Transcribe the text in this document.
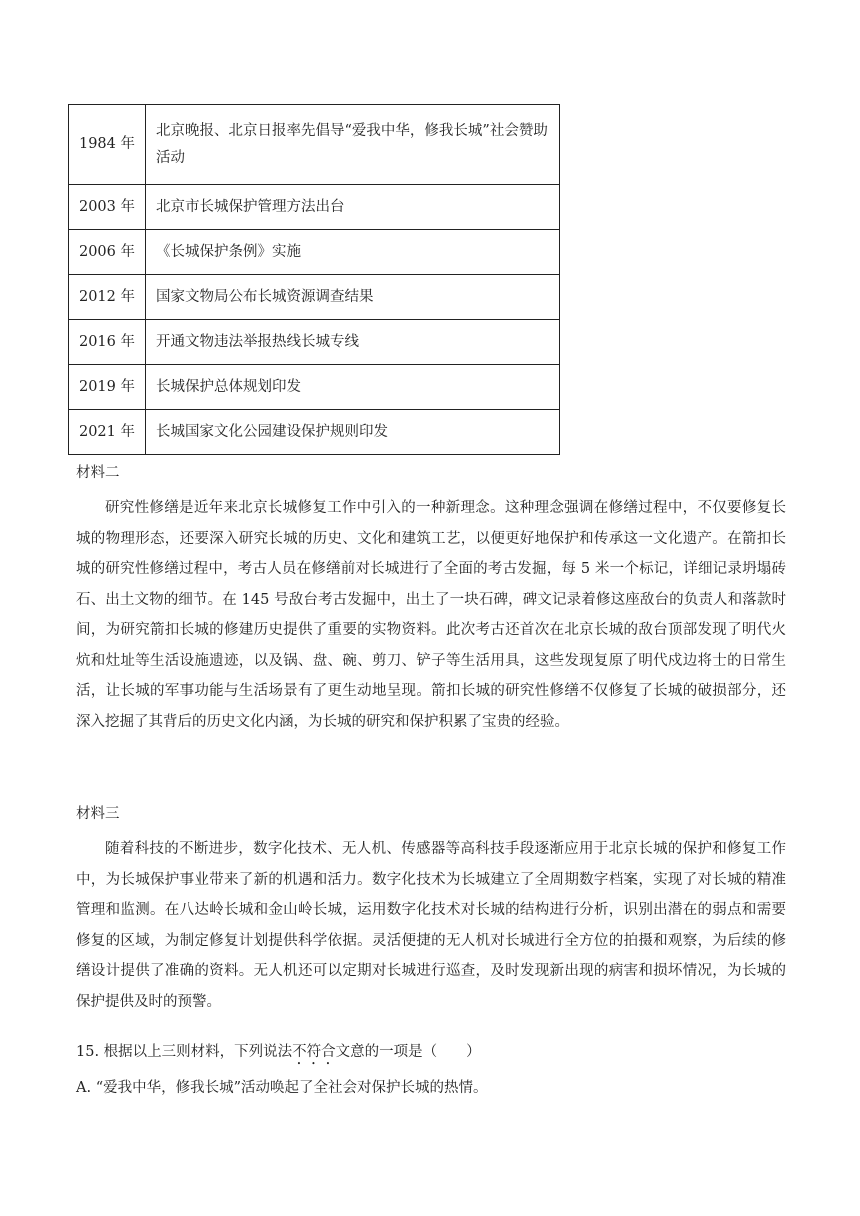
1984 年	北京晚报、北京日报率先倡导“爱我中华，修我长城”社会赞助活动
2003 年	北京市长城保护管理方法出台
2006 年	《长城保护条例》实施
2012 年	国家文物局公布长城资源调查结果
2016 年	开通文物违法举报热线长城专线
2019 年	长城保护总体规划印发
2021 年	长城国家文化公园建设保护规则印发
材料二

研究性修缮是近年来北京长城修复工作中引入的一种新理念。这种理念强调在修缮过程中，不仅要修复长城的物理形态，还要深入研究长城的历史、文化和建筑工艺，以便更好地保护和传承这一文化遗产。在箭扣长城的研究性修缮过程中，考古人员在修缮前对长城进行了全面的考古发掘，每 5 米一个标记，详细记录坍塌砖石、出土文物的细节。在 145 号敌台考古发掘中，出土了一块石碑，碑文记录着修这座敌台的负责人和落款时间，为研究箭扣长城的修建历史提供了重要的实物资料。此次考古还首次在北京长城的敌台顶部发现了明代火炕和灶址等生活设施遗迹，以及锅、盘、碗、剪刀、铲子等生活用具，这些发现复原了明代戍边将士的日常生活，让长城的军事功能与生活场景有了更生动地呈现。箭扣长城的研究性修缮不仅修复了长城的破损部分，还深入挖掘了其背后的历史文化内涵，为长城的研究和保护积累了宝贵的经验。

材料三

随着科技的不断进步，数字化技术、无人机、传感器等高科技手段逐渐应用于北京长城的保护和修复工作中，为长城保护事业带来了新的机遇和活力。数字化技术为长城建立了全周期数字档案，实现了对长城的精准管理和监测。在八达岭长城和金山岭长城，运用数字化技术对长城的结构进行分析，识别出潜在的弱点和需要修复的区域，为制定修复计划提供科学依据。灵活便捷的无人机对长城进行全方位的拍摄和观察，为后续的修缮设计提供了准确的资料。无人机还可以定期对长城进行巡查，及时发现新出现的病害和损坏情况，为长城的保护提供及时的预警。

15. 根据以上三则材料，下列说法不符合文意的一项是（　　）
A. “爱我中华，修我长城”活动唤起了全社会对保护长城的热情。
